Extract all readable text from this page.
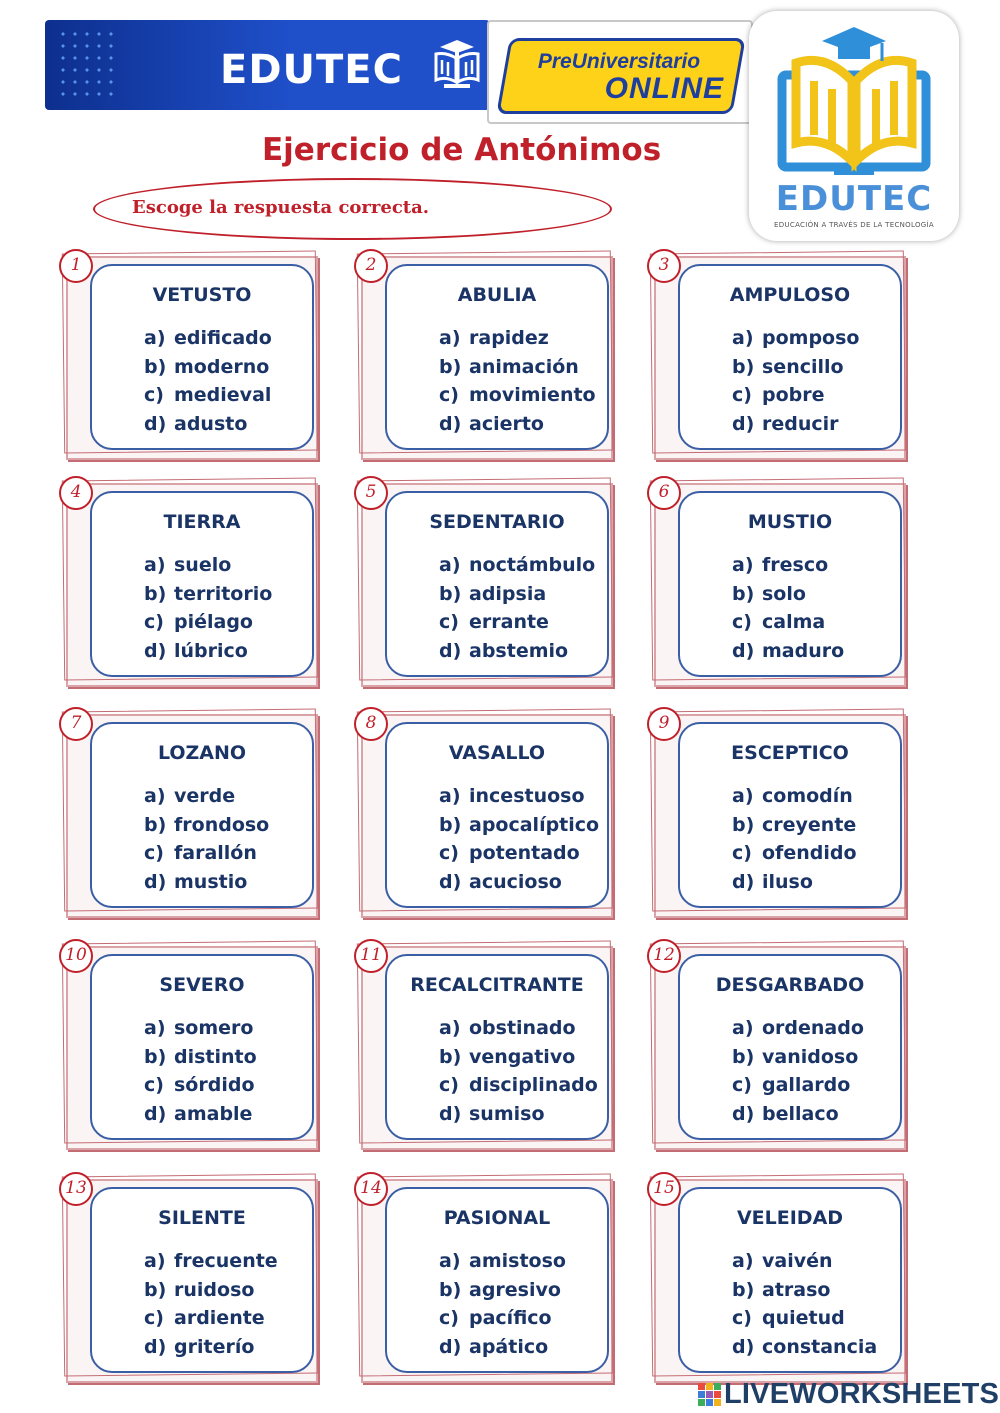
EDUTEC	PreUniversitario
ONLINE
EDUTEC
EDUCACIÓN A TRAVÉS DE LA TECNOLOGÍA
Ejercicio de Antónimos
Escoge la respuesta correcta.
VETUSTO
a) edificado
b) moderno
c) medieval
d) adusto
1
ABULIA
a) rapidez
b) animación
c) movimiento
d) acierto
2
AMPULOSO
a) pomposo
b) sencillo
c) pobre
d) reducir
3
TIERRA
a) suelo
b) territorio
c) piélago
d) lúbrico
4
SEDENTARIO
a) noctámbulo
b) adipsia
c) errante
d) abstemio
5
MUSTIO
a) fresco
b) solo
c) calma
d) maduro
6
LOZANO
a) verde
b) frondoso
c) farallón
d) mustio
7
VASALLO
a) incestuoso
b) apocalíptico
c) potentado
d) acucioso
8
ESCEPTICO
a) comodín
b) creyente
c) ofendido
d) iluso
9
SEVERO
a) somero
b) distinto
c) sórdido
d) amable
10
RECALCITRANTE
a) obstinado
b) vengativo
c) disciplinado
d) sumiso
11
DESGARBADO
a) ordenado
b) vanidoso
c) gallardo
d) bellaco
12
SILENTE
a) frecuente
b) ruidoso
c) ardiente
d) griterío
13
PASIONAL
a) amistoso
b) agresivo
c) pacífico
d) apático
14
VELEIDAD
a) vaivén
b) atraso
c) quietud
d) constancia
15
LIVEWORKSHEETS
